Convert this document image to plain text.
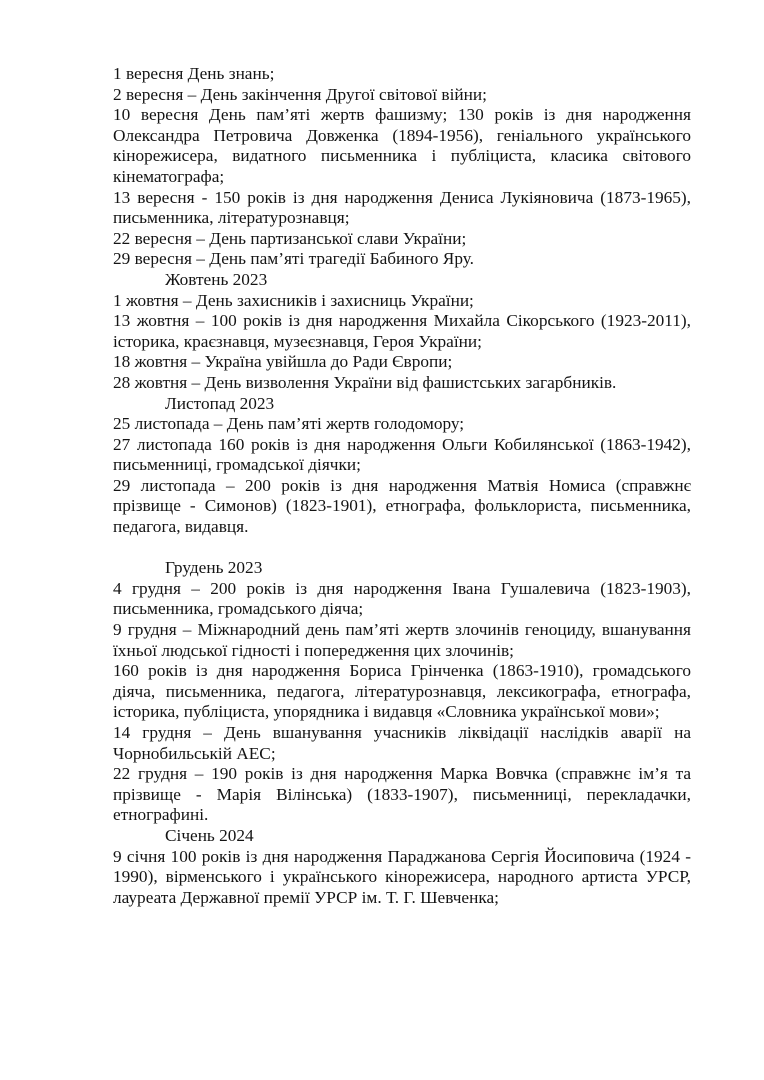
1 вересня День знань;

2 вересня – День закінчення Другої світової війни;

10 вересня День пам’яті жертв фашизму; 130 років із дня народження Олександра Петровича Довженка (1894-1956), геніального українського кінорежисера, видатного письменника і публіциста, класика світового кінематографа;

13 вересня - 150 років із дня народження Дениса Лукіяновича (1873-1965), письменника, літературознавця;

22 вересня – День партизанської слави України;

29 вересня – День пам’яті трагедії Бабиного Яру.

Жовтень 2023

1 жовтня – День захисників і захисниць України;

13 жовтня – 100 років із дня народження Михайла Сікорського (1923-2011), історика, краєзнавця, музеєзнавця, Героя України;

18 жовтня – Україна увійшла до Ради Європи;

28 жовтня – День визволення України від фашистських загарбників.

Листопад 2023

25 листопада – День пам’яті жертв голодомору;

27 листопада 160 років із дня народження Ольги Кобилянської (1863-1942), письменниці, громадської діячки;

29 листопада – 200 років із дня народження Матвія Номиса (справжнє прізвище - Симонов) (1823-1901), етнографа, фольклориста, письменника, педагога, видавця.

Грудень 2023

4 грудня – 200 років із дня народження Івана Гушалевича (1823-1903), письменника, громадського діяча;

9 грудня – Міжнародний день пам’яті жертв злочинів геноциду, вшанування їхньої людської гідності і попередження цих злочинів;

160 років із дня народження Бориса Грінченка (1863-1910), громадського діяча, письменника, педагога, літературознавця, лексикографа, етнографа, історика, публіциста, упорядника і видавця «Словника української мови»;

14 грудня – День вшанування учасників ліквідації наслідків аварії на Чорнобильській АЕС;

22 грудня – 190 років із дня народження Марка Вовчка (справжнє ім’я та прізвище - Марія Вілінська) (1833-1907), письменниці, перекладачки, етнографині.

Січень 2024

9 січня 100 років із дня народження Параджанова Сергія Йосиповича (1924 - 1990), вірменського і українського кінорежисера, народного артиста УРСР, лауреата Державної премії УРСР ім. Т. Г. Шевченка;
